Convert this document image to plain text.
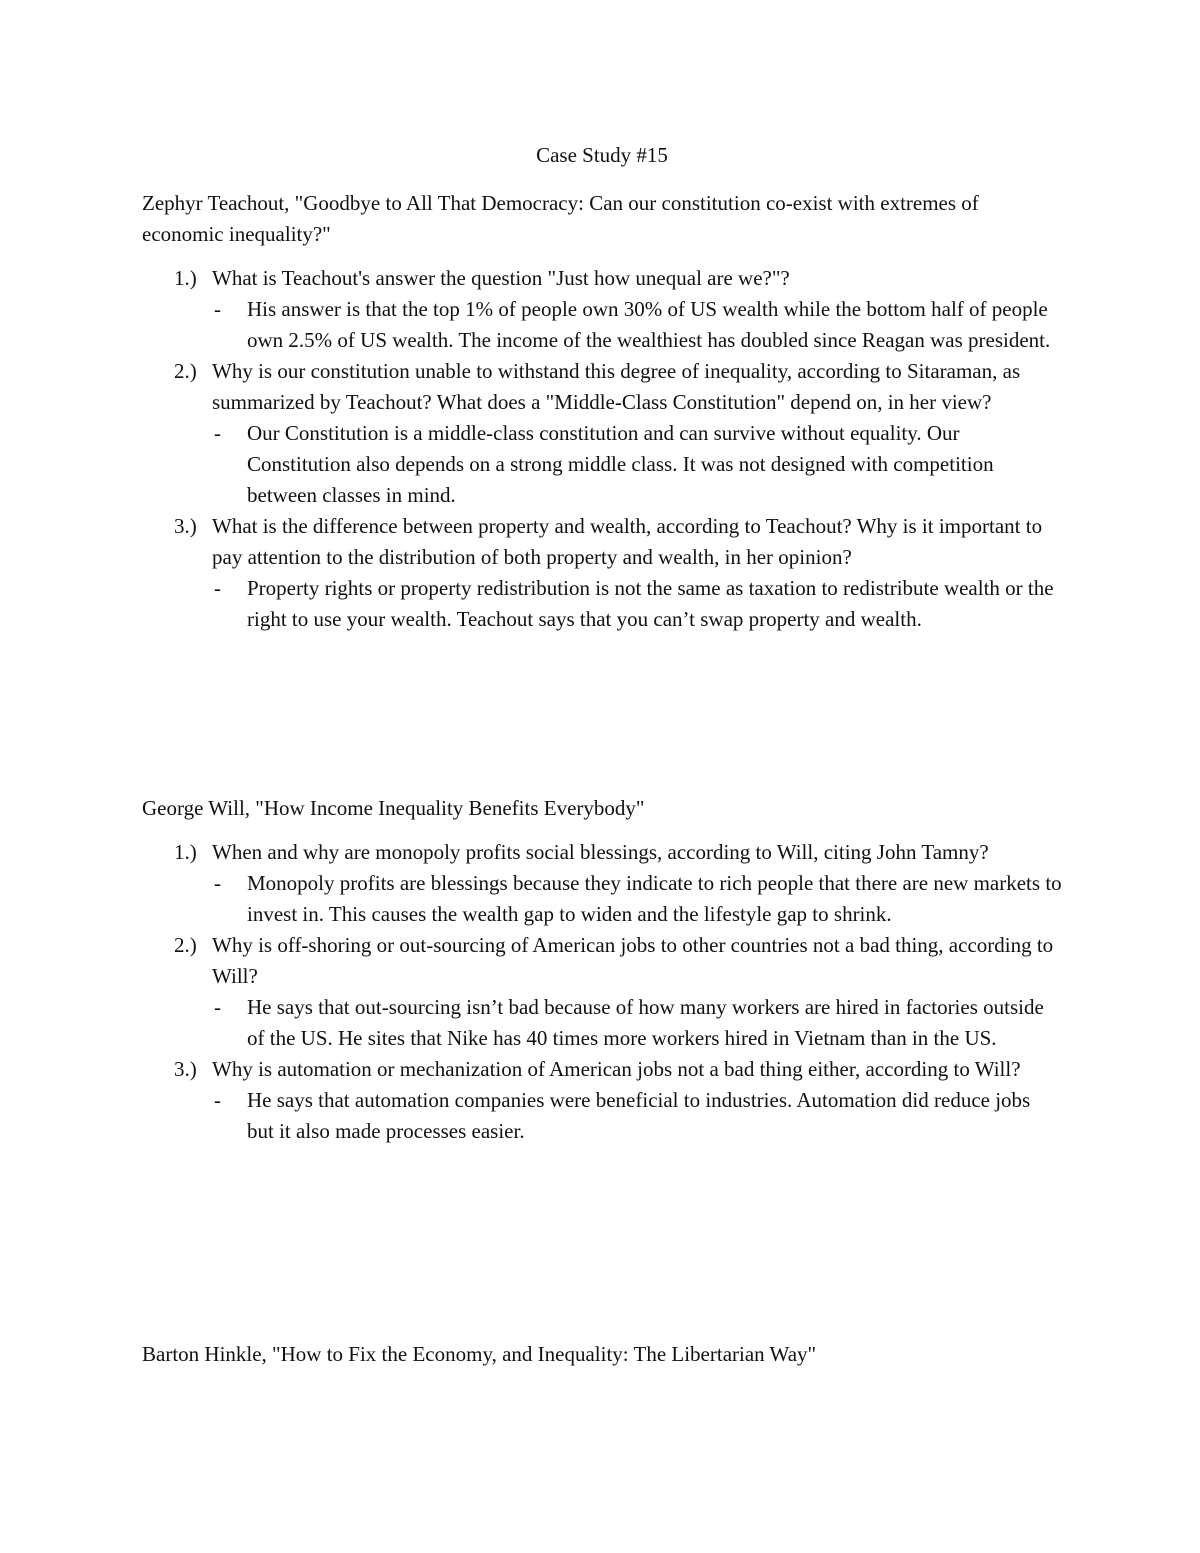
Case Study #15
Zephyr Teachout, "Goodbye to All That Democracy: Can our constitution co-exist with extremes of economic inequality?"
1.) What is Teachout's answer the question "Just how unequal are we?"?
- His answer is that the top 1% of people own 30% of US wealth while the bottom half of people own 2.5% of US wealth. The income of the wealthiest has doubled since Reagan was president.
2.) Why is our constitution unable to withstand this degree of inequality, according to Sitaraman, as summarized by Teachout? What does a "Middle-Class Constitution" depend on, in her view?
- Our Constitution is a middle-class constitution and can survive without equality. Our Constitution also depends on a strong middle class. It was not designed with competition between classes in mind.
3.) What is the difference between property and wealth, according to Teachout? Why is it important to pay attention to the distribution of both property and wealth, in her opinion?
- Property rights or property redistribution is not the same as taxation to redistribute wealth or the right to use your wealth. Teachout says that you can’t swap property and wealth.
George Will, "How Income Inequality Benefits Everybody"
1.) When and why are monopoly profits social blessings, according to Will, citing John Tamny?
- Monopoly profits are blessings because they indicate to rich people that there are new markets to invest in. This causes the wealth gap to widen and the lifestyle gap to shrink.
2.) Why is off-shoring or out-sourcing of American jobs to other countries not a bad thing, according to Will?
- He says that out-sourcing isn’t bad because of how many workers are hired in factories outside of the US. He sites that Nike has 40 times more workers hired in Vietnam than in the US.
3.) Why is automation or mechanization of American jobs not a bad thing either, according to Will?
- He says that automation companies were beneficial to industries. Automation did reduce jobs but it also made processes easier.
Barton Hinkle, "How to Fix the Economy, and Inequality: The Libertarian Way"
